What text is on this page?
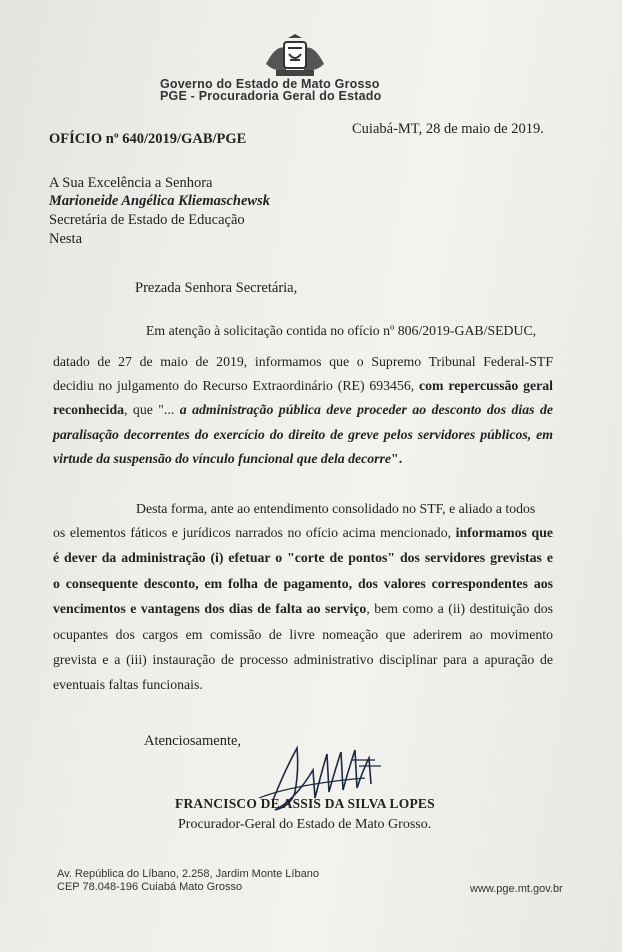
Governo do Estado de Mato Grosso
PGE - Procuradoria Geral do Estado
OFÍCIO nº 640/2019/GAB/PGE
Cuiabá-MT, 28 de maio de 2019.
A Sua Excelência a Senhora
Marioneide Angélica Kliemaschewsk
Secretária de Estado de Educação
Nesta
Prezada Senhora Secretária,
Em atenção à solicitação contida no ofício nº 806/2019-GAB/SEDUC,
datado de 27 de maio de 2019, informamos que o Supremo Tribunal Federal-STF
decidiu no julgamento do Recurso Extraordinário (RE) 693456, com repercussão geral
reconhecida, que "... a administração pública deve proceder ao desconto dos dias de
paralisação decorrentes do exercício do direito de greve pelos servidores públicos, em
virtude da suspensão do vínculo funcional que dela decorre".
Desta forma, ante ao entendimento consolidado no STF, e aliado a todos
os elementos fáticos e jurídicos narrados no ofício acima mencionado, informamos que
é dever da administração (i) efetuar o "corte de pontos" dos servidores grevistas e
o consequente desconto, em folha de pagamento, dos valores correspondentes aos
vencimentos e vantagens dos dias de falta ao serviço, bem como a (ii) destituição dos
ocupantes dos cargos em comissão de livre nomeação que aderirem ao movimento
grevista e a (iii) instauração de processo administrativo disciplinar para a apuração de
eventuais faltas funcionais.
Atenciosamente,
FRANCISCO DE ASSIS DA SILVA LOPES
Procurador-Geral do Estado de Mato Grosso.
Av. República do Líbano, 2.258, Jardim Monte Líbano
CEP 78.048-196 Cuiabá Mato Grosso	www.pge.mt.gov.br
